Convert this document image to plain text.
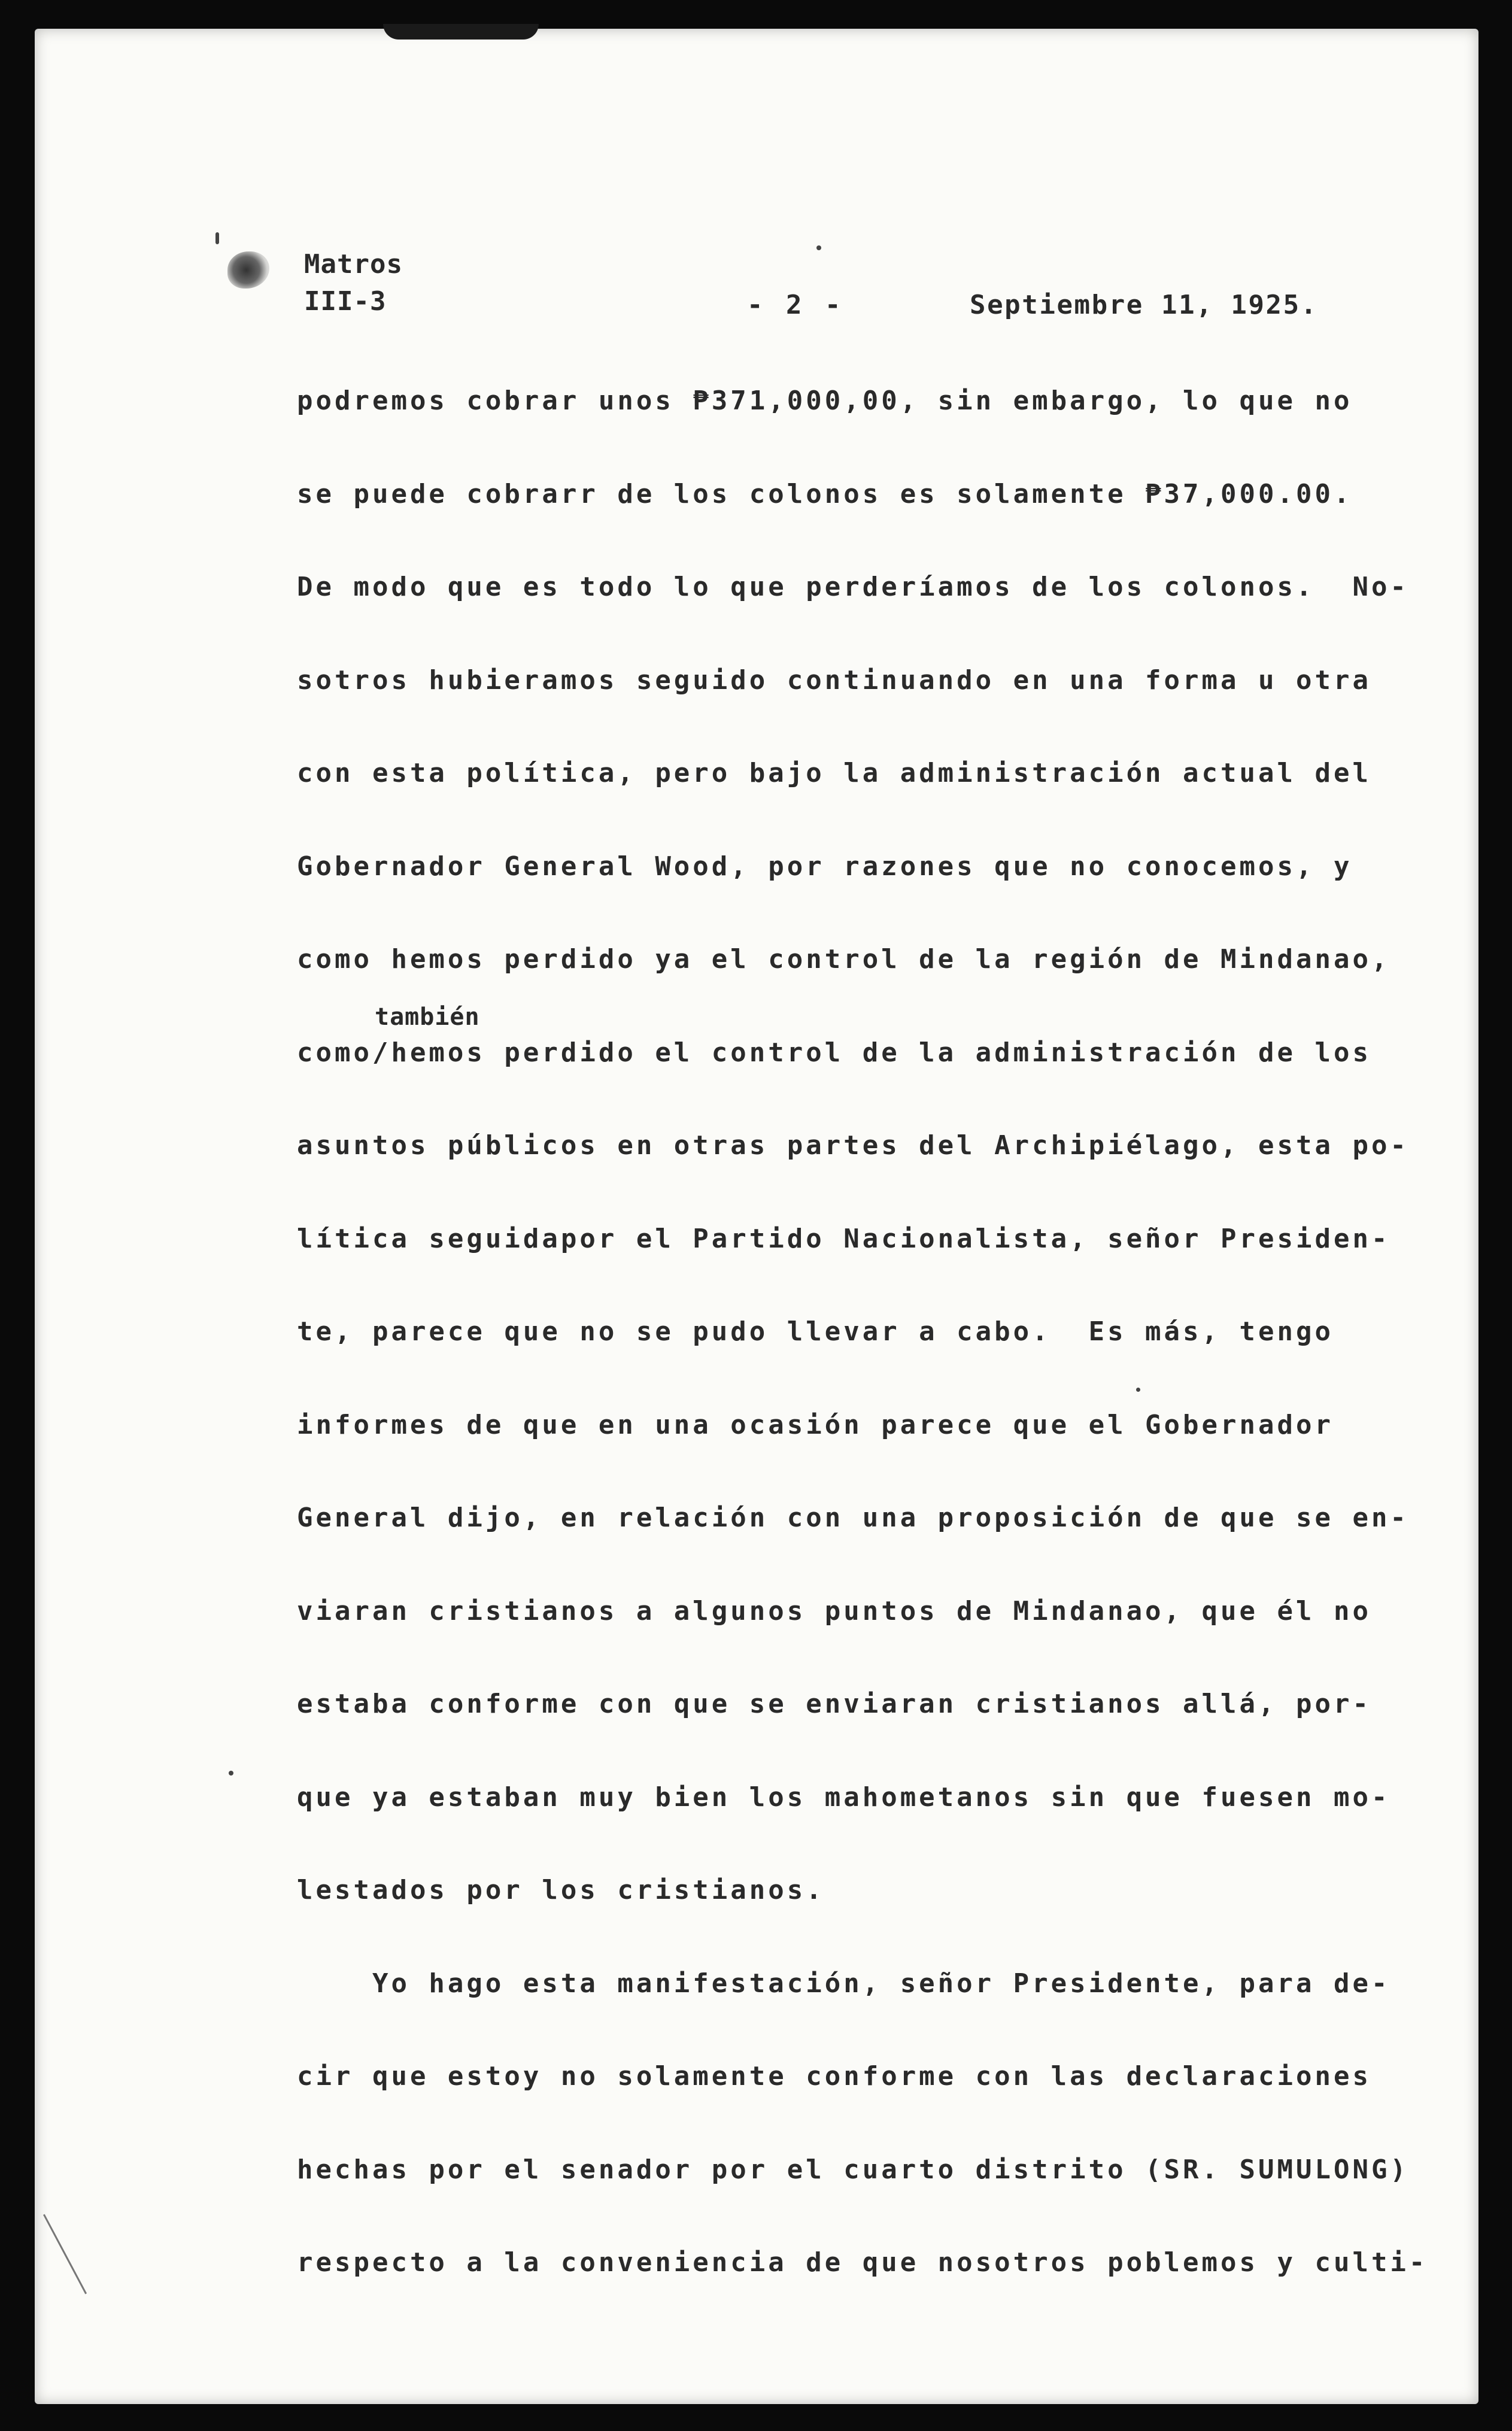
Matros
III-3	- 2 -	Septiembre 11, 1925.
también
podremos cobrar unos ₱371,000,00, sin embargo, lo que no
se puede cobrarr de los colonos es solamente ₱37,000.00.
De modo que es todo lo que perderíamos de los colonos.  No-
sotros hubieramos seguido continuando en una forma u otra
con esta política, pero bajo la administración actual del
Gobernador General Wood, por razones que no conocemos, y
como hemos perdido ya el control de la región de Mindanao,
como/hemos perdido el control de la administración de los
asuntos públicos en otras partes del Archipiélago, esta po-
lítica seguidapor el Partido Nacionalista, señor Presiden-
te, parece que no se pudo llevar a cabo.  Es más, tengo
informes de que en una ocasión parece que el Gobernador
General dijo, en relación con una proposición de que se en-
viaran cristianos a algunos puntos de Mindanao, que él no
estaba conforme con que se enviaran cristianos allá, por-
que ya estaban muy bien los mahometanos sin que fuesen mo-
lestados por los cristianos.
Yo hago esta manifestación, señor Presidente, para de-
cir que estoy no solamente conforme con las declaraciones
hechas por el senador por el cuarto distrito (SR. SUMULONG)
respecto a la conveniencia de que nosotros poblemos y culti-
